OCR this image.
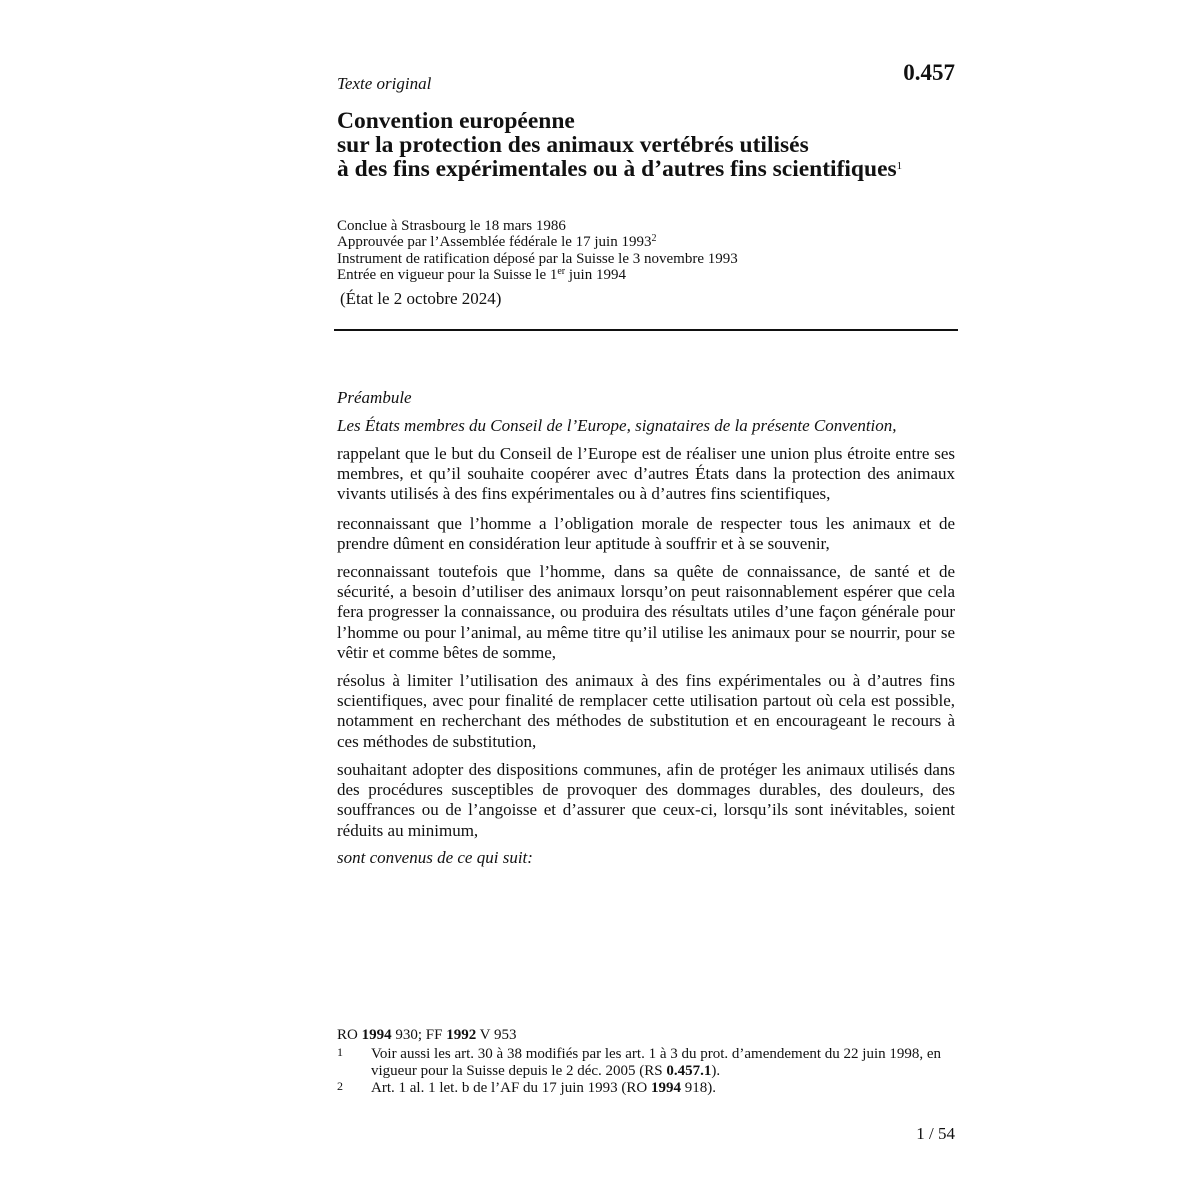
Texte original	0.457
Convention européenne
sur la protection des animaux vertébrés utilisés
à des fins expérimentales ou à d’autres fins scientifiques$^1$
Conclue à Strasbourg le 18 mars 1986
Approuvée par l’Assemblée fédérale le 17 juin 1993$^2$
Instrument de ratification déposé par la Suisse le 3 novembre 1993
Entrée en vigueur pour la Suisse le 1er juin 1994
(État le 2 octobre 2024)
Préambule
Les États membres du Conseil de l’Europe, signataires de la présente Convention,
rappelant que le but du Conseil de l’Europe est de réaliser une union plus étroite entre ses membres, et qu’il souhaite coopérer avec d’autres États dans la protection des animaux vivants utilisés à des fins expérimentales ou à d’autres fins scientifiques,
reconnaissant que l’homme a l’obligation morale de respecter tous les animaux et de prendre dûment en considération leur aptitude à souffrir et à se souvenir,
reconnaissant toutefois que l’homme, dans sa quête de connaissance, de santé et de sécurité, a besoin d’utiliser des animaux lorsqu’on peut raisonnablement espérer que cela fera progresser la connaissance, ou produira des résultats utiles d’une façon générale pour l’homme ou pour l’animal, au même titre qu’il utilise les animaux pour se nourrir, pour se vêtir et comme bêtes de somme,
résolus à limiter l’utilisation des animaux à des fins expérimentales ou à d’autres fins scientifiques, avec pour finalité de remplacer cette utilisation partout où cela est possible, notamment en recherchant des méthodes de substitution et en encourageant le recours à ces méthodes de substitution,
souhaitant adopter des dispositions communes, afin de protéger les animaux utilisés dans des procédures susceptibles de provoquer des dommages durables, des douleurs, des souffrances ou de l’angoisse et d’assurer que ceux-ci, lorsqu’ils sont inévitables, soient réduits au minimum,
sont convenus de ce qui suit:
RO 1994 930; FF 1992 V 953
1 Voir aussi les art. 30 à 38 modifiés par les art. 1 à 3 du prot. d’amendement du 22 juin 1998, en vigueur pour la Suisse depuis le 2 déc. 2005 (RS 0.457.1).
2 Art. 1 al. 1 let. b de l’AF du 17 juin 1993 (RO 1994 918).
1 / 54
